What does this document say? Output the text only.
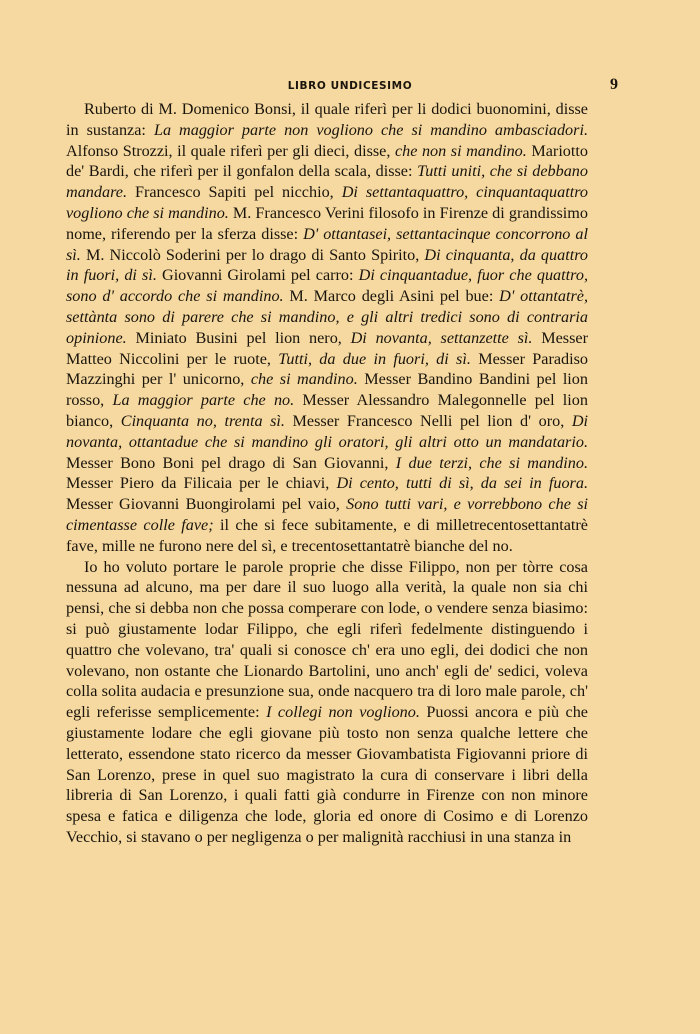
LIBRO UNDICESIMO	9

Ruberto di M. Domenico Bonsi, il quale riferì per li dodici buonomini, disse in sustanza: La maggior parte non vogliono che si mandino ambasciadori. Alfonso Strozzi, il quale riferì per gli dieci, disse, che non si mandino. Mariotto de' Bardi, che riferì per il gonfalon della scala, disse: Tutti uniti, che si debbano mandare. Francesco Sapiti pel nicchio, Di settantaquattro, cinquantaquattro vogliono che si mandino. M. Francesco Verini filosofo in Firenze di grandissimo nome, riferendo per la sferza disse: D' ottantasei, settantacinque concorrono al sì. M. Niccolò Soderini per lo drago di Santo Spirito, Di cinquanta, da quattro in fuori, di sì. Giovanni Girolami pel carro: Di cinquantadue, fuor che quattro, sono d' accordo che si mandino. M. Marco degli Asini pel bue: D' ottantatrè, settànta sono di parere che si mandino, e gli altri tredici sono di contraria opinione. Miniato Busini pel lion nero, Di novanta, settanzette sì. Messer Matteo Niccolini per le ruote, Tutti, da due in fuori, di sì. Messer Paradiso Mazzinghi per l' unicorno, che si mandino. Messer Bandino Bandini pel lion rosso, La maggior parte che no. Messer Alessandro Malegonnelle pel lion bianco, Cinquanta no, trenta sì. Messer Francesco Nelli pel lion d' oro, Di novanta, ottantadue che si mandino gli oratori, gli altri otto un mandatario. Messer Bono Boni pel drago di San Giovanni, I due terzi, che si mandino. Messer Piero da Filicaia per le chiavi, Di cento, tutti di sì, da sei in fuora. Messer Giovanni Buongirolami pel vaio, Sono tutti vari, e vorrebbono che si cimentasse colle fave; il che si fece subitamente, e di milletrecentosettantatrè fave, mille ne furono nere del sì, e trecentosettantatrè bianche del no.

Io ho voluto portare le parole proprie che disse Filippo, non per tòrre cosa nessuna ad alcuno, ma per dare il suo luogo alla verità, la quale non sia chi pensi, che si debba non che possa comperare con lode, o vendere senza biasimo: si può giustamente lodar Filippo, che egli riferì fedelmente distinguendo i quattro che volevano, tra' quali si conosce ch' era uno egli, dei dodici che non volevano, non ostante che Lionardo Bartolini, uno anch' egli de' sedici, voleva colla solita audacia e presunzione sua, onde nacquero tra di loro male parole, ch' egli referisse semplicemente: I collegi non vogliono. Puossi ancora e più che giustamente lodare che egli giovane più tosto non senza qualche lettere che letterato, essendone stato ricerco da messer Giovambatista Figiovanni priore di San Lorenzo, prese in quel suo magistrato la cura di conservare i libri della libreria di San Lorenzo, i quali fatti già condurre in Firenze con non minore spesa e fatica e diligenza che lode, gloria ed onore di Cosimo e di Lorenzo Vecchio, si stavano o per negligenza o per malignità racchiusi in una stanza in
